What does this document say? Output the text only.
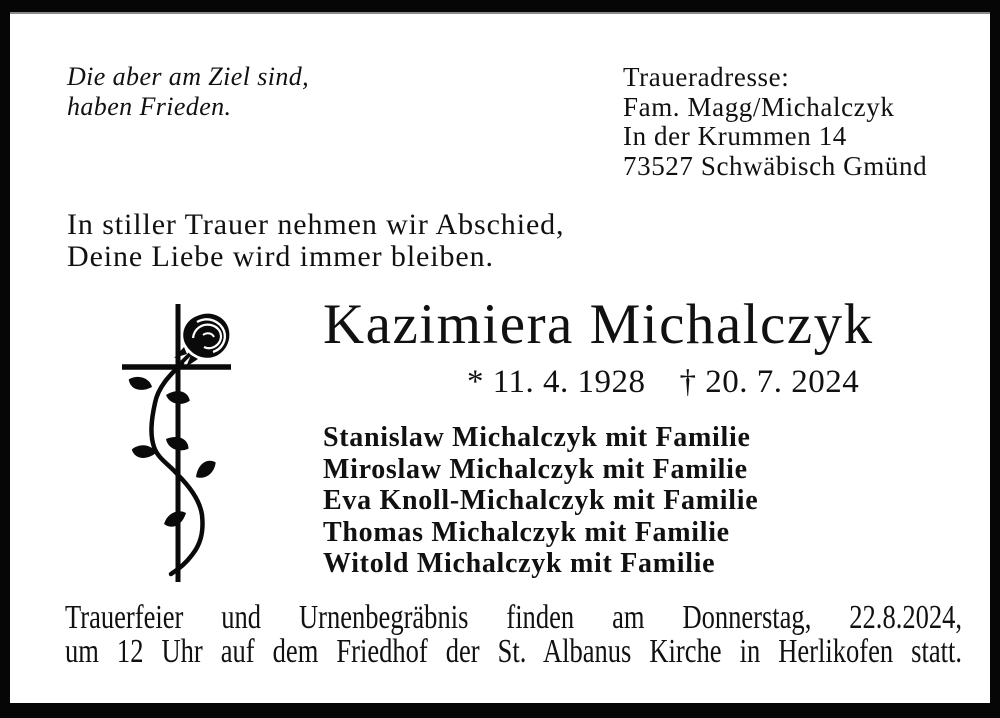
Die aber am Ziel sind,
haben Frieden.
Traueradresse:
Fam. Magg/Michalczyk
In der Krummen 14
73527 Schwäbisch Gmünd
In stiller Trauer nehmen wir Abschied,
Deine Liebe wird immer bleiben.
Kazimiera Michalczyk
* 11. 4. 1928 † 20. 7. 2024
Stanislaw Michalczyk mit Familie
Miroslaw Michalczyk mit Familie
Eva Knoll-Michalczyk mit Familie
Thomas Michalczyk mit Familie
Witold Michalczyk mit Familie
Trauerfeier und Urnenbegräbnis finden am Donnerstag, 22.8.2024,
um 12 Uhr auf dem Friedhof der St. Albanus Kirche in Herlikofen statt.
